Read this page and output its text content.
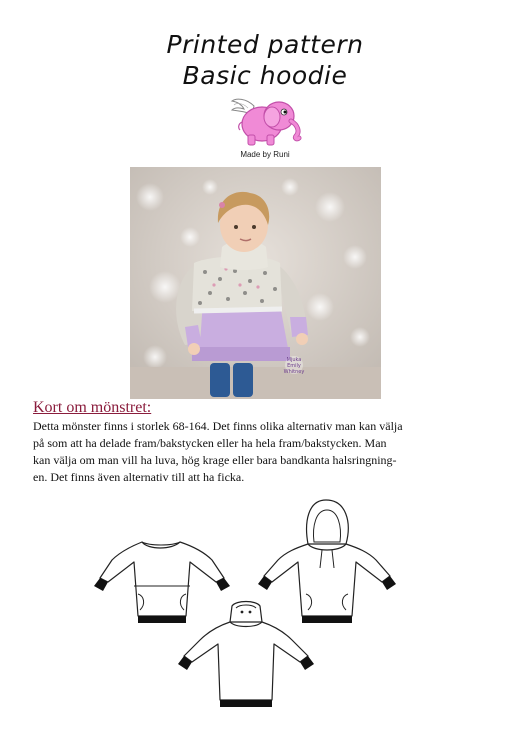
Printed pattern
Basic hoodie
Made by Runi
Mjuka
Emily Whitney
Kort om mönstret:
Detta mönster finns i storlek 68-164. Det finns olika alternativ man kan välja
på som att ha delade fram/bakstycken eller ha hela fram/bakstycken. Man
kan välja om man vill ha luva, hög krage eller bara bandkanta halsringning-
en. Det finns även alternativ till att ha ficka.
